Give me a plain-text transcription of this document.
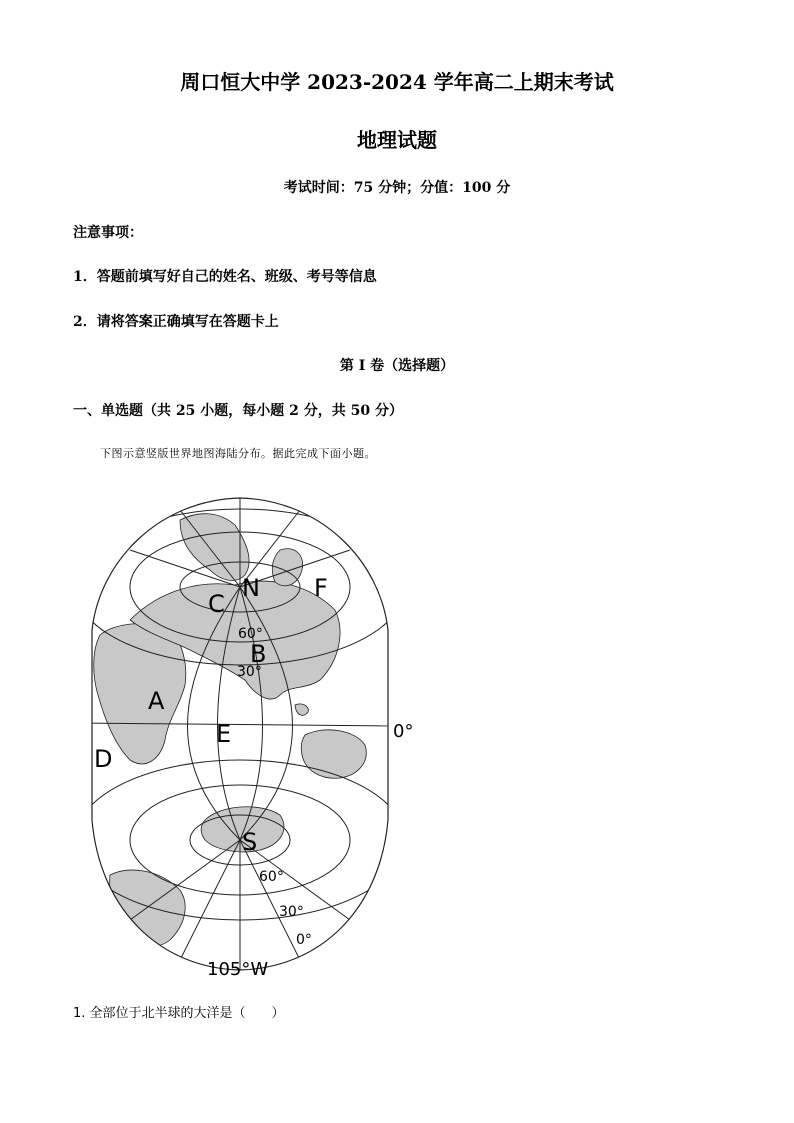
周口恒大中学 2023-2024 学年高二上期末考试
地理试题
考试时间：75 分钟；分值：100 分
注意事项：
1．答题前填写好自己的姓名、班级、考号等信息
2．请将答案正确填写在答题卡上
第 I 卷（选择题）
一、单选题（共 25 小题，每小题 2 分，共 50 分）
下图示意竖版世界地图海陆分布。据此完成下面小题。
C
N F
60°
B
30°
A
E	0°
D
S
60°
30°
0°
105°W
1. 全部位于北半球的大洋是（　　）
